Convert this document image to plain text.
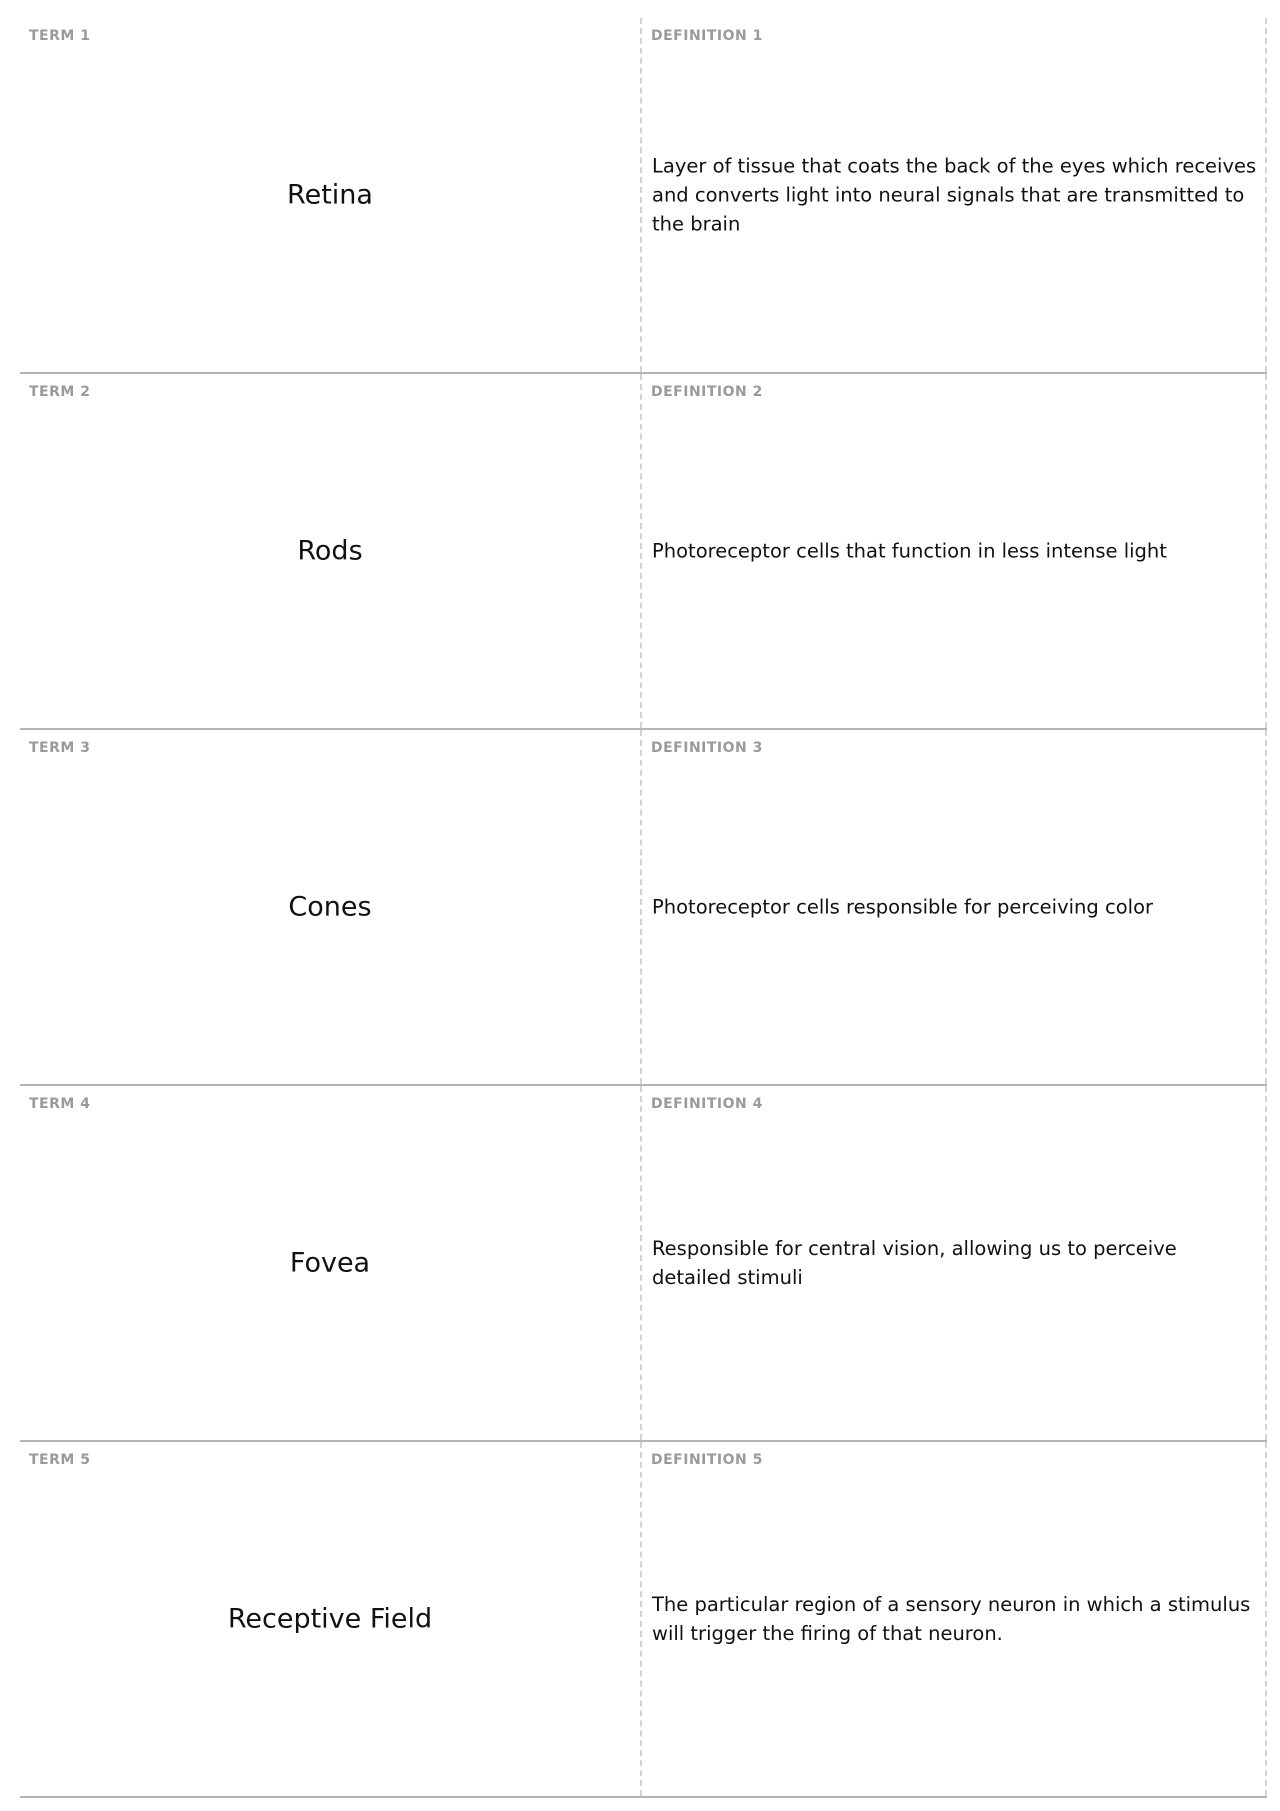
TERM 1
Retina
DEFINITION 1
Layer of tissue that coats the back of the eyes which receives and converts light into neural signals that are transmitted to the brain
TERM 2
Rods
DEFINITION 2
Photoreceptor cells that function in less intense light
TERM 3
Cones
DEFINITION 3
Photoreceptor cells responsible for perceiving color
TERM 4
Fovea
DEFINITION 4
Responsible for central vision, allowing us to perceive detailed stimuli
TERM 5
Receptive Field
DEFINITION 5
The particular region of a sensory neuron in which a stimulus will trigger the firing of that neuron.
